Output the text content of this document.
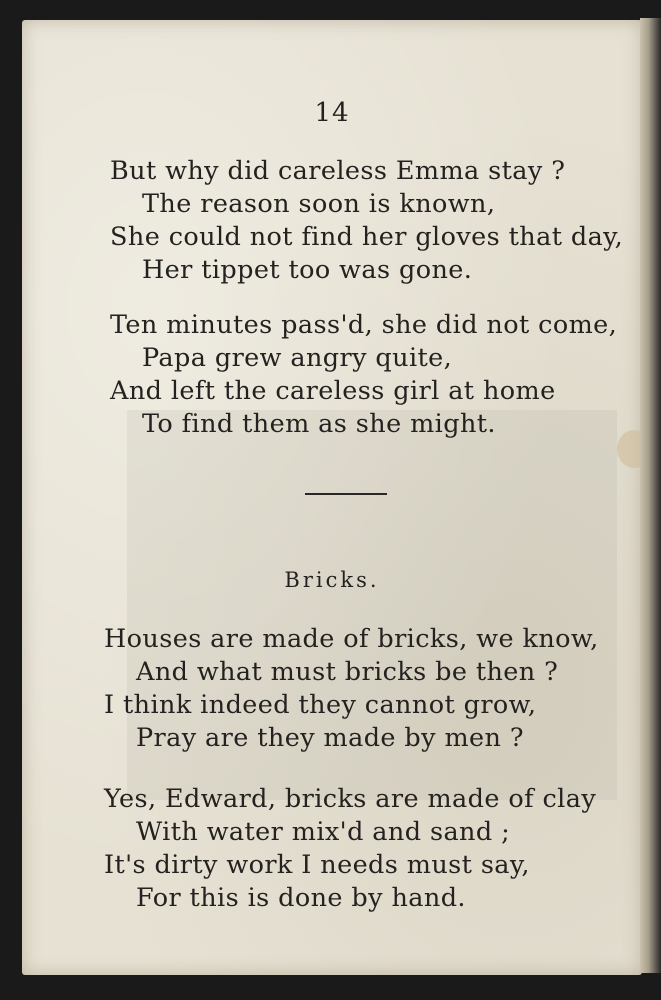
14
But why did careless Emma stay ?
The reason soon is known,
She could not find her gloves that day,
Her tippet too was gone.
Ten minutes pass'd, she did not come,
Papa grew angry quite,
And left the careless girl at home
To find them as she might.
Bricks.
Houses are made of bricks, we know,
And what must bricks be then ?
I think indeed they cannot grow,
Pray are they made by men ?
Yes, Edward, bricks are made of clay
With water mix'd and sand ;
It's dirty work I needs must say,
For this is done by hand.
